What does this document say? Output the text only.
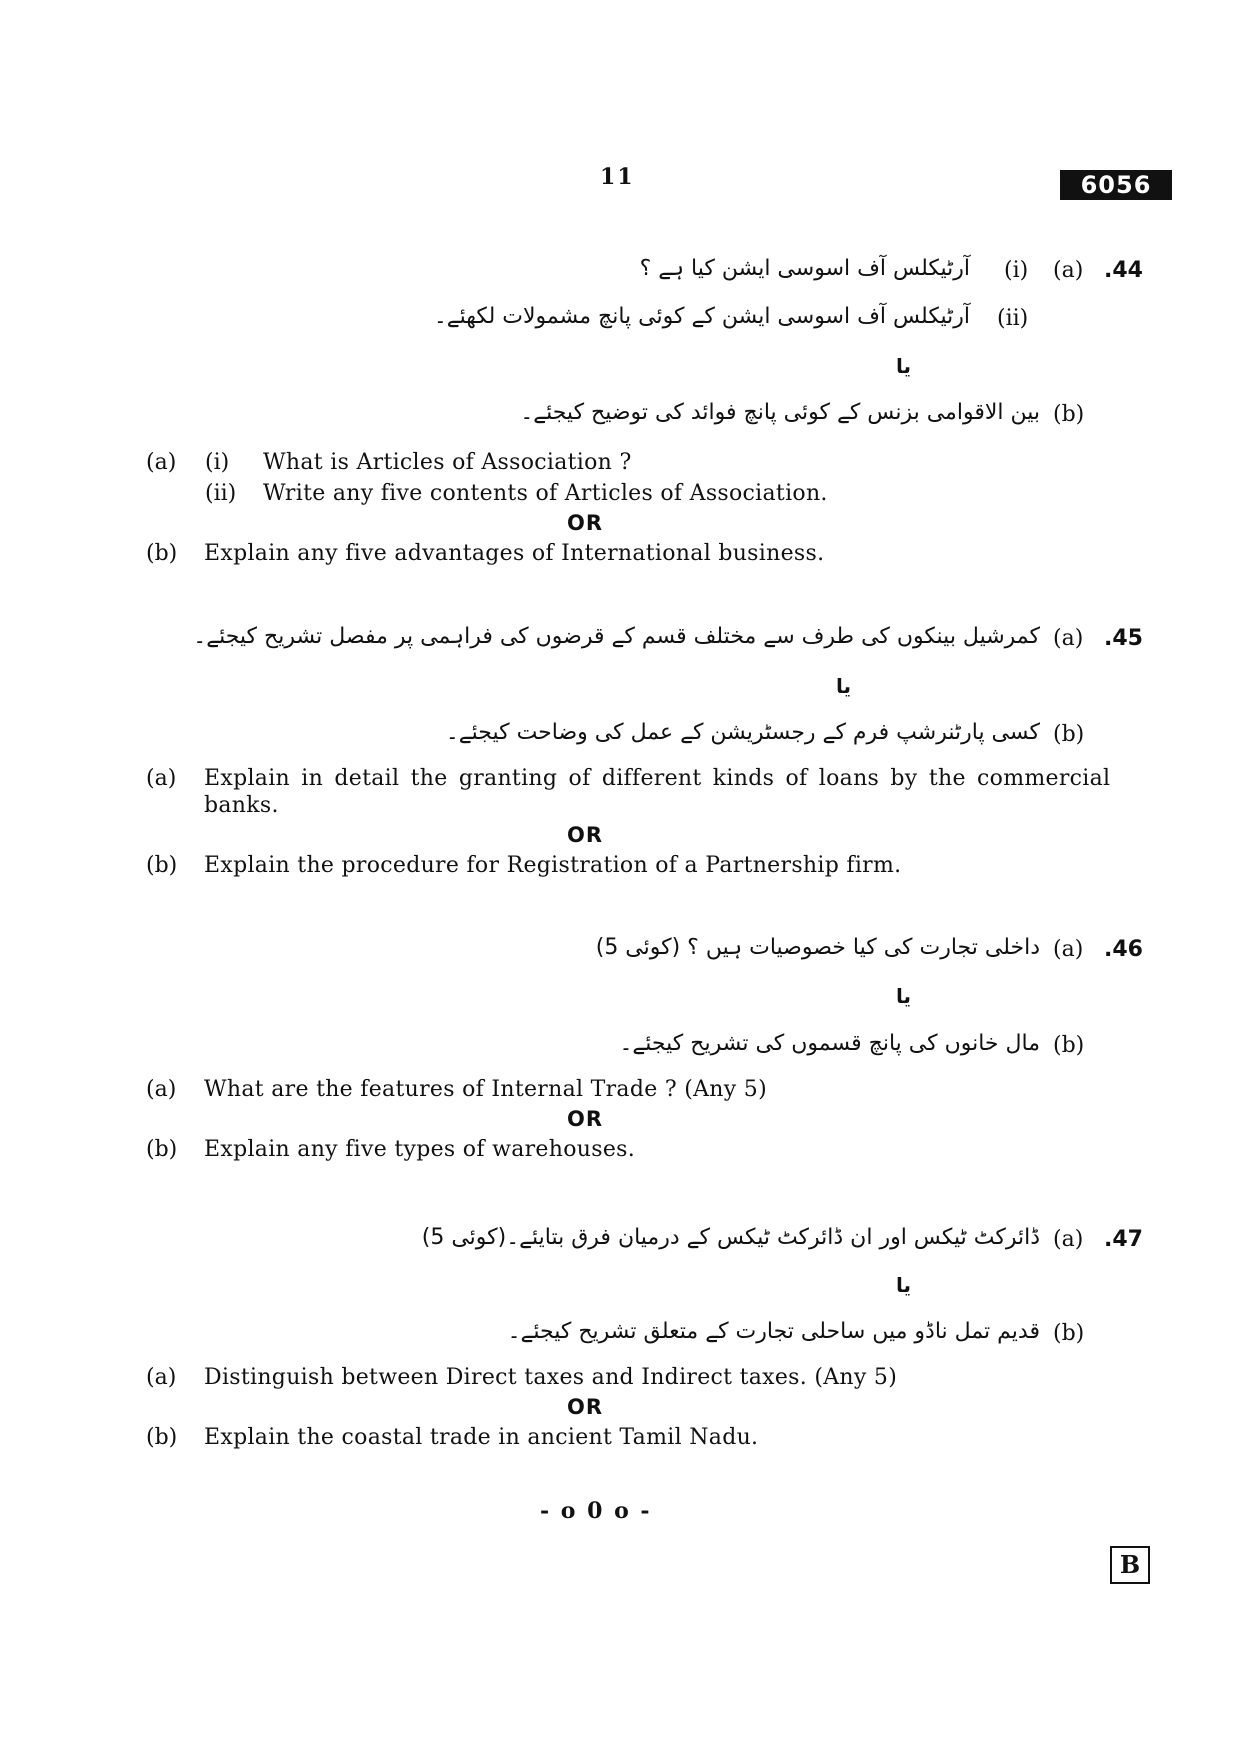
11	6056
.44
(a)
(i)
آرٹیکلس آف اسوسی ایشن کیا ہے ؟
(ii)
آرٹیکلس آف اسوسی ایشن کے کوئی پانچ مشمولات لکھئے۔
یا
(b)
بین الاقوامی بزنس کے کوئی پانچ فوائد کی توضیح کیجئے۔
(a) (i) What is Articles of Association ?
(ii) Write any five contents of Articles of Association.
OR
(b) Explain any five advantages of International business.
.45
(a)
کمرشیل بینکوں کی طرف سے مختلف قسم کے قرضوں کی فراہمی پر مفصل تشریح کیجئے۔
یا
(b)
کسی پارٹنرشپ فرم کے رجسٹریشن کے عمل کی وضاحت کیجئے۔
(a) Explain in detail the granting of different kinds of loans by the commercial
banks.
OR
(b) Explain the procedure for Registration of a Partnership firm.
.46
(a)
داخلی تجارت کی کیا خصوصیات ہیں ؟ (کوئی 5)
یا
(b)
مال خانوں کی پانچ قسموں کی تشریح کیجئے۔
(a) What are the features of Internal Trade ? (Any 5)
OR
(b) Explain any five types of warehouses.
.47
(a)
ڈائرکٹ ٹیکس اور ان ڈائرکٹ ٹیکس کے درمیان فرق بتایئے۔(کوئی 5)
یا
(b)
قدیم تمل ناڈو میں ساحلی تجارت کے متعلق تشریح کیجئے۔
(a) Distinguish between Direct taxes and Indirect taxes. (Any 5)
OR
(b) Explain the coastal trade in ancient Tamil Nadu.
- o 0 o -
B
